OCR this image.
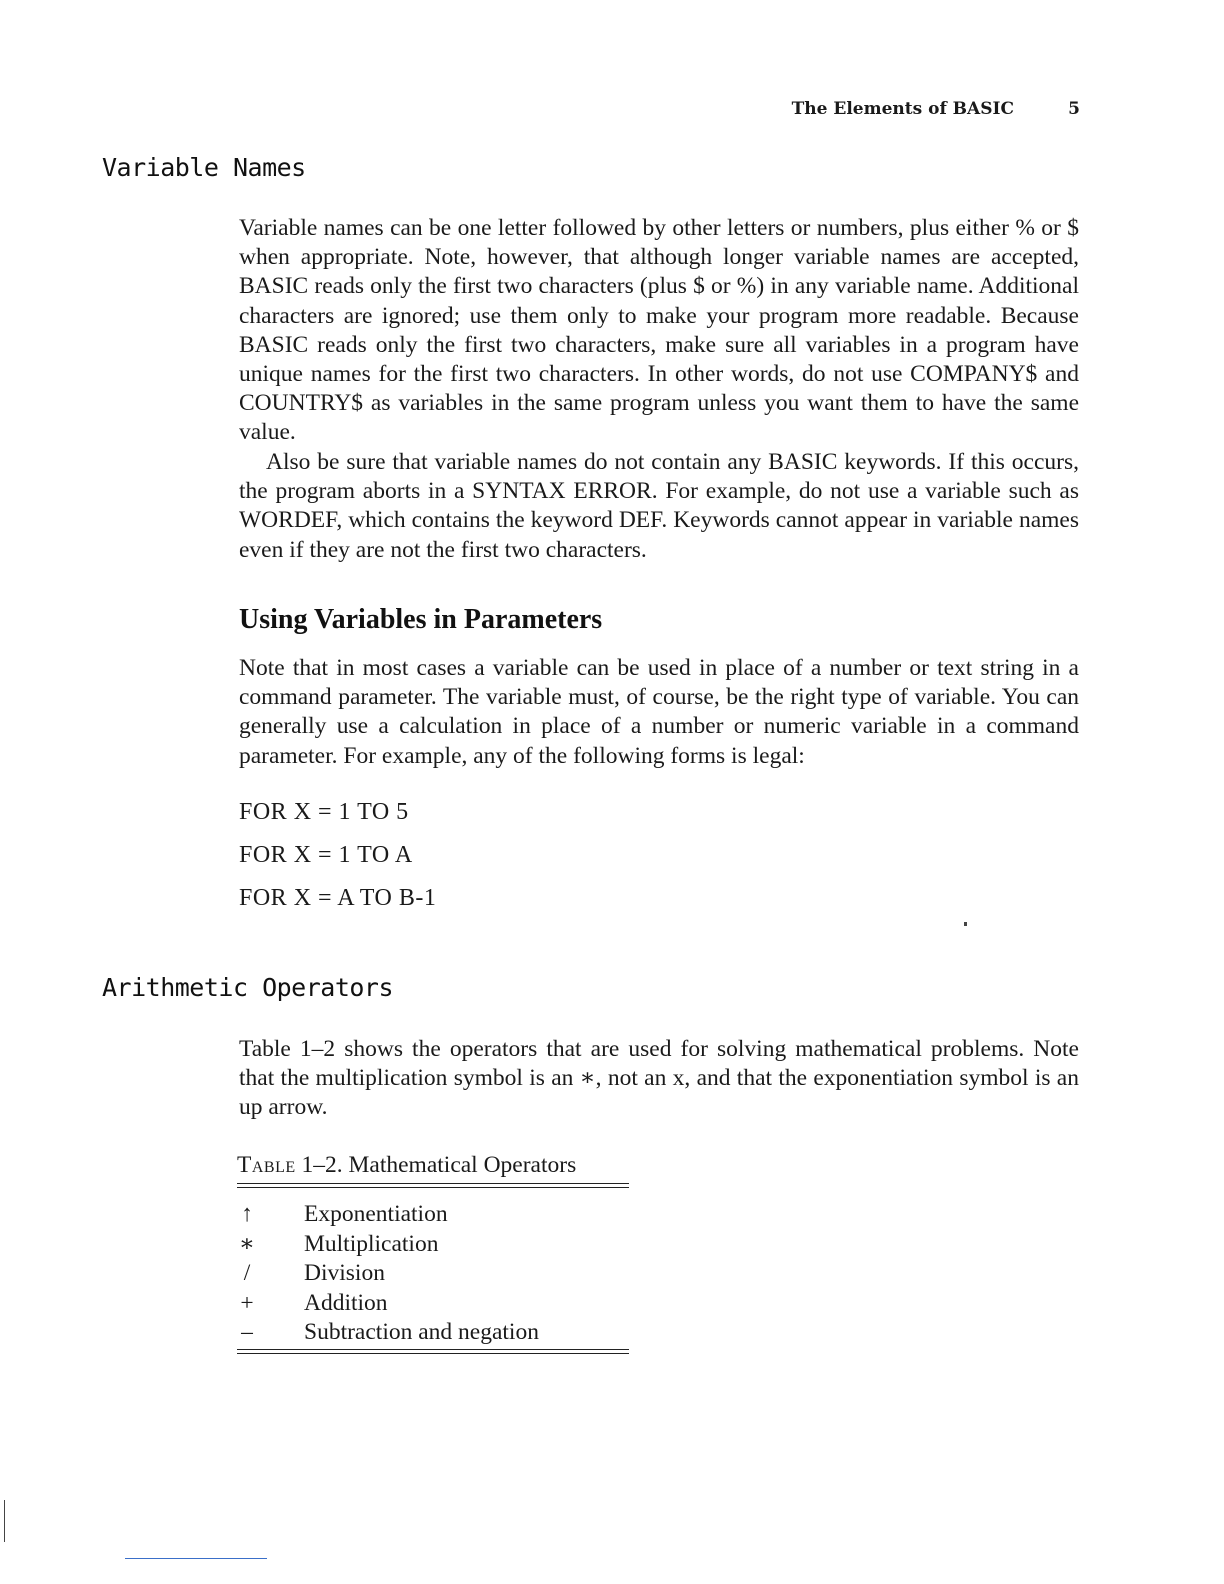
The Elements of BASIC	5
Variable Names

Variable names can be one letter followed by other letters or numbers, plus either % or $ when appropriate. Note, however, that although longer variable names are accepted, BASIC reads only the first two characters (plus $ or %) in any variable name. Additional characters are ignored; use them only to make your program more readable. Because BASIC reads only the first two characters, make sure all variables in a program have unique names for the first two characters. In other words, do not use COMPANY$ and COUNTRY$ as variables in the same program unless you want them to have the same value.

Also be sure that variable names do not contain any BASIC keywords. If this occurs, the program aborts in a SYNTAX ERROR. For example, do not use a variable such as WORDEF, which contains the keyword DEF. Keywords cannot appear in variable names even if they are not the first two characters.

Using Variables in Parameters

Note that in most cases a variable can be used in place of a number or text string in a command parameter. The variable must, of course, be the right type of variable. You can generally use a calculation in place of a number or numeric variable in a command parameter. For example, any of the following forms is legal:

FOR X = 1 TO 5
FOR X = 1 TO A
FOR X = A TO B-1
Arithmetic Operators

Table 1–2 shows the operators that are used for solving mathematical problems. Note that the multiplication symbol is an ∗, not an x, and that the exponentiation symbol is an up arrow.

Table 1–2. Mathematical Operators
↑ Exponentiation
∗ Multiplication
/ Division
+ Addition
– Subtraction and negation
